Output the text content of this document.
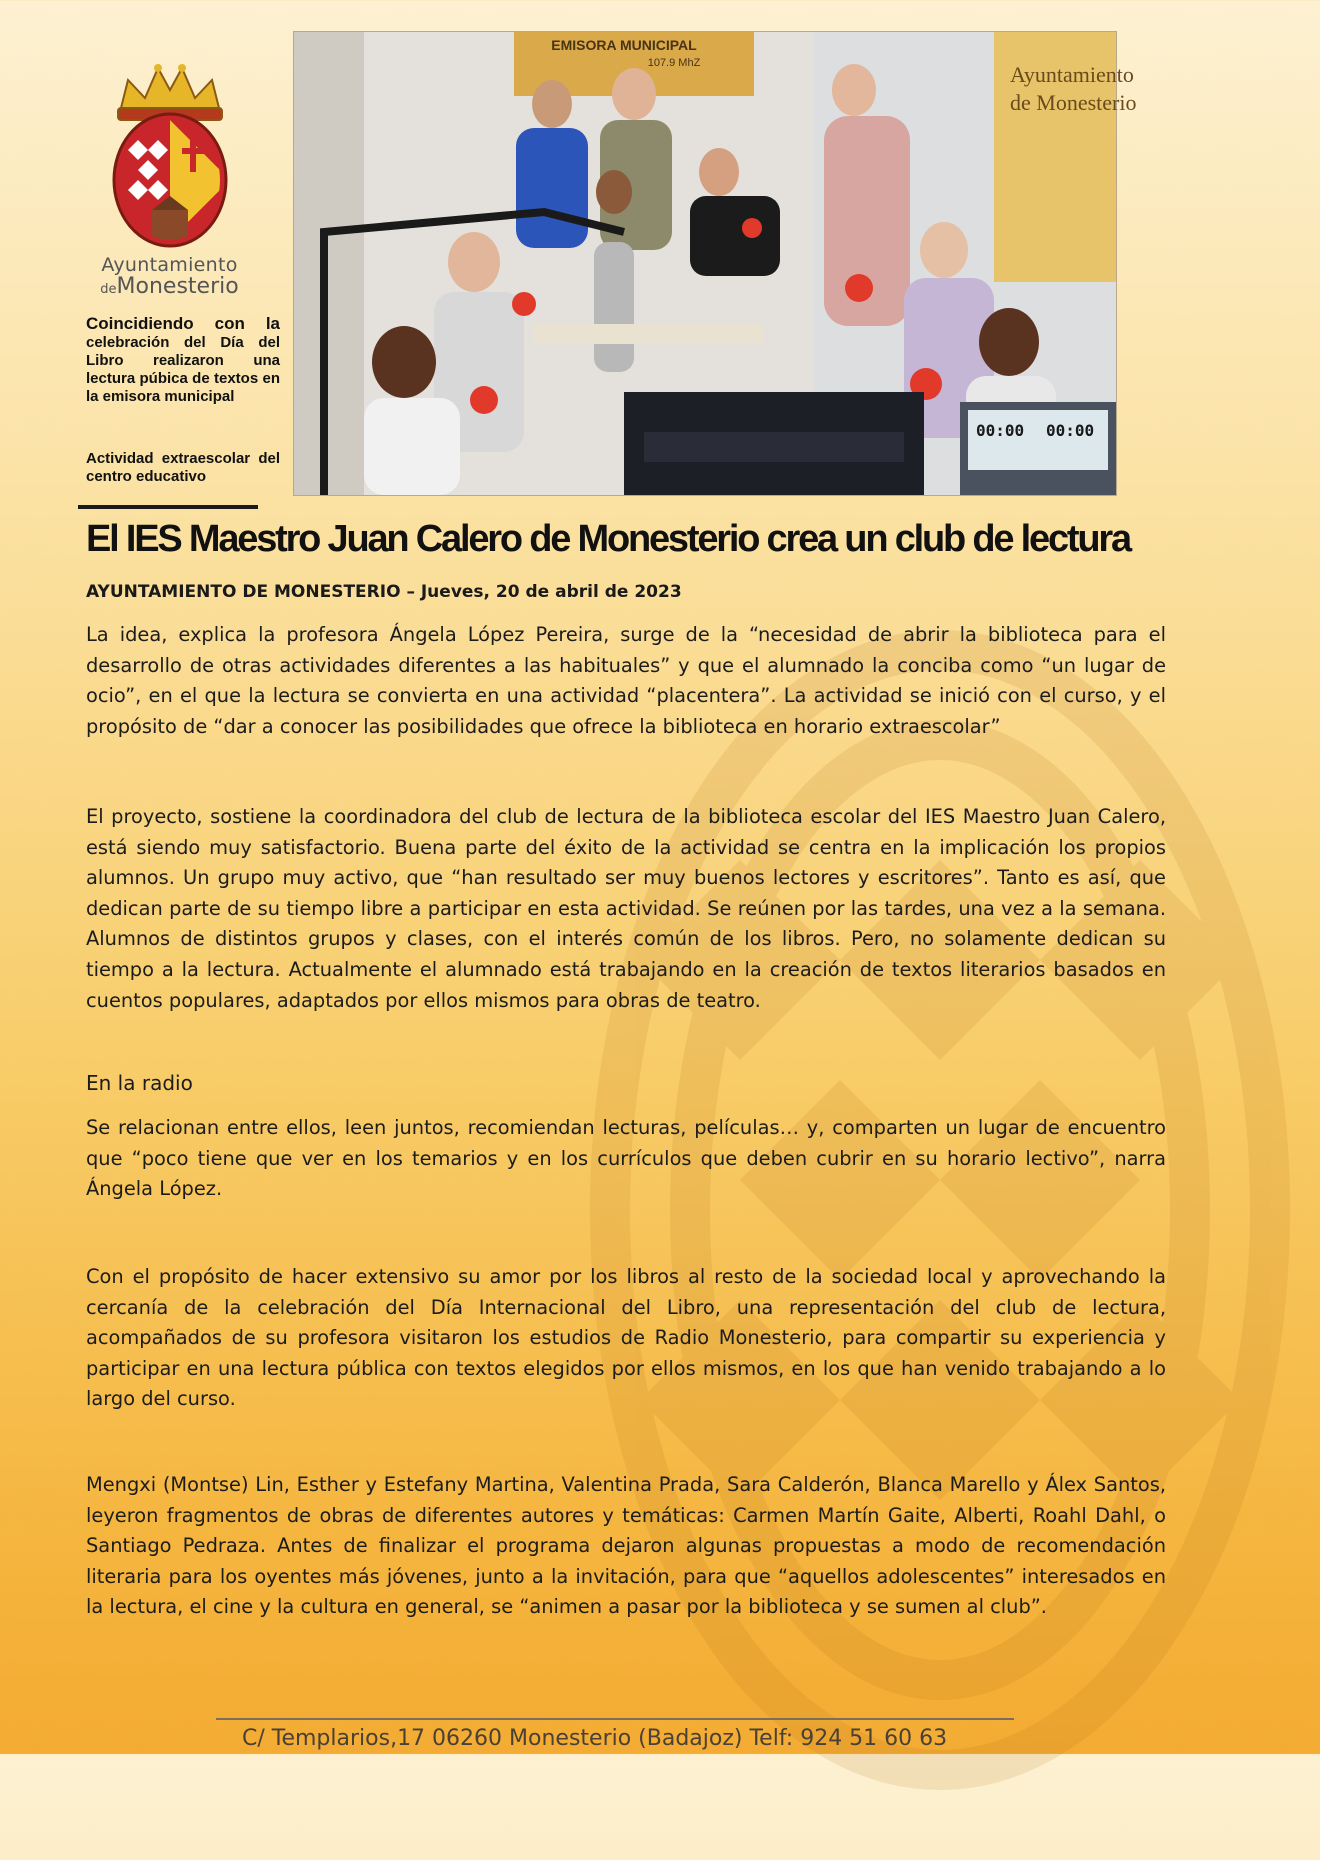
Ayuntamiento
deMonesterio
Coincidiendo con la celebración del Día del Libro realizaron una lectura púbica de textos en la emisora municipal
Actividad extraescolar del centro educativo
Ayuntamiento
de Monesterio
EMISORA MUNICIPAL
107.9 MhZ
00:00 00:00
El IES Maestro Juan Calero de Monesterio crea un club de lectura
AYUNTAMIENTO DE MONESTERIO – Jueves, 20 de abril de 2023

La idea, explica la profesora Ángela López Pereira, surge de la “necesidad de abrir la biblioteca para el desarrollo de otras actividades diferentes a las habituales” y que el alumnado la conciba como “un lugar de ocio”, en el que la lectura se convierta en una actividad “placentera”. La actividad se inició con el curso, y el propósito de “dar a conocer las posibilidades que ofrece la biblioteca en horario extraescolar”

El proyecto, sostiene la coordinadora del club de lectura de la biblioteca escolar del IES Maestro Juan Calero, está siendo muy satisfactorio. Buena parte del éxito de la actividad se centra en la implicación los propios alumnos. Un grupo muy activo, que “han resultado ser muy buenos lectores y escritores”. Tanto es así, que dedican parte de su tiempo libre a participar en esta actividad. Se reúnen por las tardes, una vez a la semana. Alumnos de distintos grupos y clases, con el interés común de los libros. Pero, no solamente dedican su tiempo a la lectura. Actualmente el alumnado está trabajando en la creación de textos literarios basados en cuentos populares, adaptados por ellos mismos para obras de teatro.

En la radio

Se relacionan entre ellos, leen juntos, recomiendan lecturas, películas… y, comparten un lugar de encuentro que “poco tiene que ver en los temarios y en los currículos que deben cubrir en su horario lectivo”, narra Ángela López.

Con el propósito de hacer extensivo su amor por los libros al resto de la sociedad local y aprovechando la cercanía de la celebración del Día Internacional del Libro, una representación del club de lectura, acompañados de su profesora visitaron los estudios de Radio Monesterio, para compartir su experiencia y participar en una lectura pública con textos elegidos por ellos mismos, en los que han venido trabajando a lo largo del curso.

Mengxi (Montse) Lin, Esther y Estefany Martina, Valentina Prada, Sara Calderón, Blanca Marello y Álex Santos, leyeron fragmentos de obras de diferentes autores y temáticas: Carmen Martín Gaite, Alberti, Roahl Dahl, o Santiago Pedraza. Antes de finalizar el programa dejaron algunas propuestas a modo de recomendación literaria para los oyentes más jóvenes, junto a la invitación, para que “aquellos adolescentes” interesados en la lectura, el cine y la cultura en general, se “animen a pasar por la biblioteca y se sumen al club”.

C/ Templarios,17 06260 Monesterio (Badajoz) Telf: 924 51 60 63
